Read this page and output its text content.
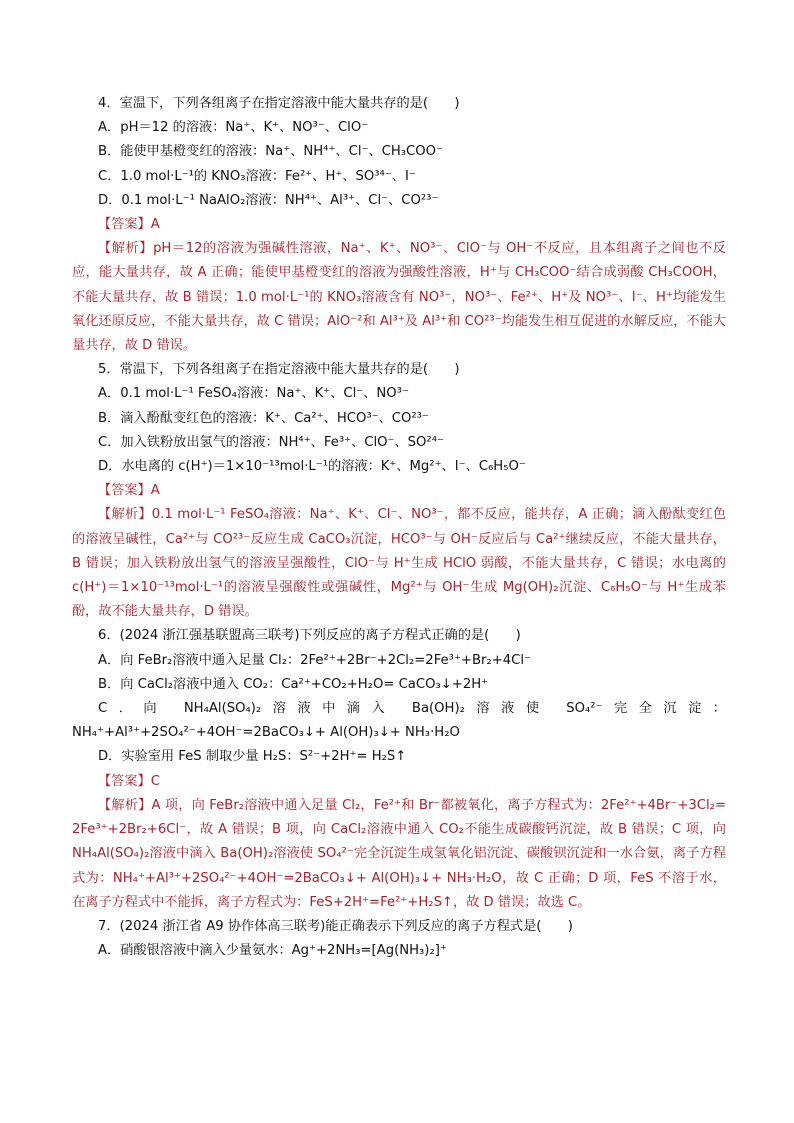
4．室温下，下列各组离子在指定溶液中能大量共存的是(　　)

A．pH＝12 的溶液：Na⁺、K⁺、NO³⁻、ClO⁻

B．能使甲基橙变红的溶液：Na⁺、NH⁴⁺、Cl⁻、CH₃COO⁻

C．1.0 mol·L⁻¹的 KNO₃溶液：Fe²⁺、H⁺、SO³⁴⁻、I⁻

D．0.1 mol·L⁻¹ NaAlO₂溶液：NH⁴⁺、Al³⁺、Cl⁻、CO²³⁻

【答案】A

【解析】pH＝12的溶液为强碱性溶液，Na⁺、K⁺、NO³⁻、ClO⁻与 OH⁻不反应，且本组离子之间也不反应，能大量共存，故 A 正确；能使甲基橙变红的溶液为强酸性溶液，H⁺与 CH₃COO⁻结合成弱酸 CH₃COOH，不能大量共存，故 B 错误；1.0 mol·L⁻¹的 KNO₃溶液含有 NO³⁻，NO³⁻、Fe²⁺、H⁺及 NO³⁻、I⁻、H⁺均能发生氧化还原反应，不能大量共存，故 C 错误；AlO⁻²和 Al³⁺及 Al³⁺和 CO²³⁻均能发生相互促进的水解反应，不能大量共存，故 D 错误。

5．常温下，下列各组离子在指定溶液中能大量共存的是(　　)

A．0.1 mol·L⁻¹ FeSO₄溶液：Na⁺、K⁺、Cl⁻、NO³⁻

B．滴入酚酞变红色的溶液：K⁺、Ca²⁺、HCO³⁻、CO²³⁻

C．加入铁粉放出氢气的溶液：NH⁴⁺、Fe³⁺、ClO⁻、SO²⁴⁻

D．水电离的 c(H⁺)＝1×10⁻¹³mol·L⁻¹的溶液：K⁺、Mg²⁺、I⁻、C₆H₅O⁻

【答案】A

【解析】0.1 mol·L⁻¹ FeSO₄溶液：Na⁺、K⁺、Cl⁻、NO³⁻，都不反应，能共存，A 正确；滴入酚酞变红色的溶液呈碱性，Ca²⁺与 CO²³⁻反应生成 CaCO₃沉淀，HCO³⁻与 OH⁻反应后与 Ca²⁺继续反应，不能大量共存，B 错误；加入铁粉放出氢气的溶液呈强酸性，ClO⁻与 H⁺生成 HClO 弱酸，不能大量共存，C 错误；水电离的 c(H⁺)＝1×10⁻¹³mol·L⁻¹的溶液呈强酸性或强碱性，Mg²⁺与 OH⁻生成 Mg(OH)₂沉淀、C₆H₅O⁻与 H⁺生成苯酚，故不能大量共存，D 错误。

6．(2024 浙江强基联盟高三联考)下列反应的离子方程式正确的是(　　)

A．向 FeBr₂溶液中通入足量 Cl₂：2Fe²⁺+2Br⁻+2Cl₂=2Fe³⁺+Br₂+4Cl⁻

B．向 CaCl₂溶液中通入 CO₂：Ca²⁺+CO₂+H₂O= CaCO₃↓+2H⁺

C．向 NH₄Al(SO₄)₂溶液中滴入 Ba(OH)₂溶液使 SO₄²⁻完全沉淀：NH₄⁺+Al³⁺+2SO₄²⁻+4OH⁻=2BaCO₃↓+ Al(OH)₃↓+ NH₃·H₂O

D．实验室用 FeS 制取少量 H₂S：S²⁻+2H⁺= H₂S↑

【答案】C

【解析】A 项，向 FeBr₂溶液中通入足量 Cl₂，Fe²⁺和 Br⁻都被氧化，离子方程式为：2Fe²⁺+4Br⁻+3Cl₂= 2Fe³⁺+2Br₂+6Cl⁻，故 A 错误；B 项，向 CaCl₂溶液中通入 CO₂不能生成碳酸钙沉淀，故 B 错误；C 项，向 NH₄Al(SO₄)₂溶液中滴入 Ba(OH)₂溶液使 SO₄²⁻完全沉淀生成氢氧化铝沉淀、碳酸钡沉淀和一水合氨，离子方程式为：NH₄⁺+Al³⁺+2SO₄²⁻+4OH⁻=2BaCO₃↓+ Al(OH)₃↓+ NH₃·H₂O，故 C 正确；D 项，FeS 不溶于水，在离子方程式中不能拆，离子方程式为：FeS+2H⁺=Fe²⁺+H₂S↑，故 D 错误；故选 C。

7．(2024 浙江省 A9 协作体高三联考)能正确表示下列反应的离子方程式是(　　)

A．硝酸银溶液中滴入少量氨水：Ag⁺+2NH₃=[Ag(NH₃)₂]⁺
